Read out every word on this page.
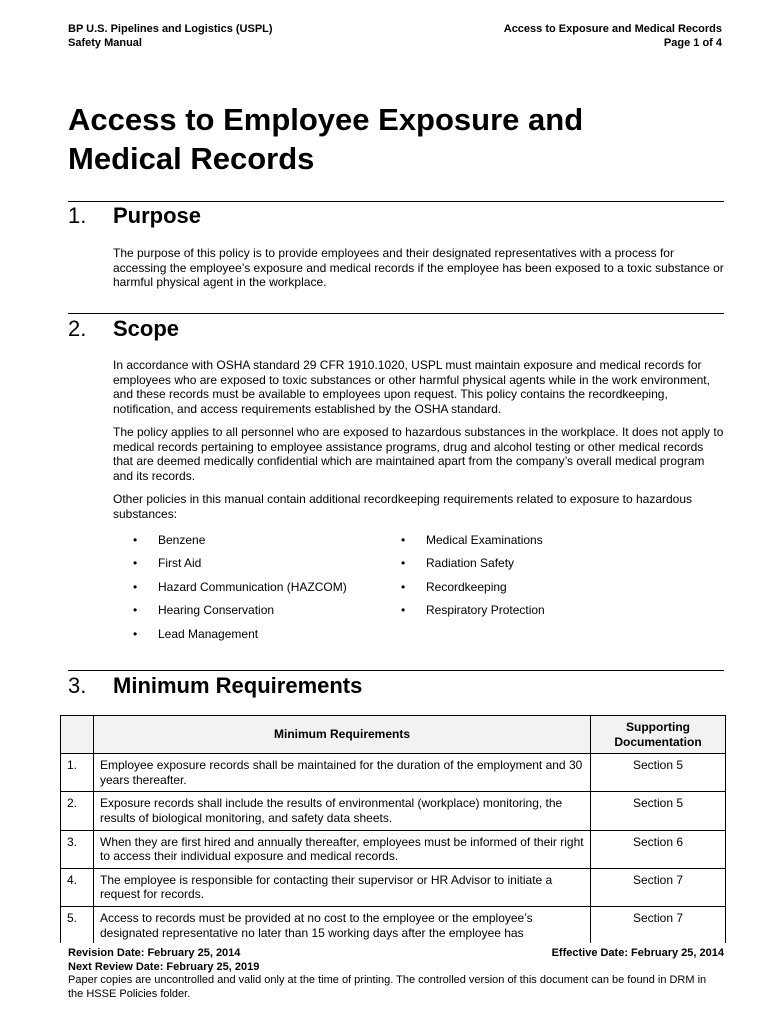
BP U.S. Pipelines and Logistics (USPL)
Safety Manual
Access to Exposure and Medical Records
Page 1 of 4
Access to Employee Exposure and
Medical Records
1. Purpose
The purpose of this policy is to provide employees and their designated representatives with a process for accessing the employee’s exposure and medical records if the employee has been exposed to a toxic substance or harmful physical agent in the workplace.
2. Scope
In accordance with OSHA standard 29 CFR 1910.1020, USPL must maintain exposure and medical records for employees who are exposed to toxic substances or other harmful physical agents while in the work environment, and these records must be available to employees upon request. This policy contains the recordkeeping, notification, and access requirements established by the OSHA standard.
The policy applies to all personnel who are exposed to hazardous substances in the workplace. It does not apply to medical records pertaining to employee assistance programs, drug and alcohol testing or other medical records that are deemed medically confidential which are maintained apart from the company’s overall medical program and its records.
Other policies in this manual contain additional recordkeeping requirements related to exposure to hazardous substances:
• Benzene
• First Aid
• Hazard Communication (HAZCOM)
• Hearing Conservation
• Lead Management
• Medical Examinations
• Radiation Safety
• Recordkeeping
• Respiratory Protection
3. Minimum Requirements
	Minimum Requirements	Supporting Documentation
1.	Employee exposure records shall be maintained for the duration of the employment and 30 years thereafter.	Section 5
2.	Exposure records shall include the results of environmental (workplace) monitoring, the results of biological monitoring, and safety data sheets.	Section 5
3.	When they are first hired and annually thereafter, employees must be informed of their right to access their individual exposure and medical records.	Section 6
4.	The employee is responsible for contacting their supervisor or HR Advisor to initiate a request for records.	Section 7
5.	Access to records must be provided at no cost to the employee or the employee’s designated representative no later than 15 working days after the employee has	Section 7
Revision Date: February 25, 2014	Effective Date: February 25, 2014
Next Review Date: February 25, 2019
Paper copies are uncontrolled and valid only at the time of printing. The controlled version of this document can be found in DRM in the HSSE Policies folder.
